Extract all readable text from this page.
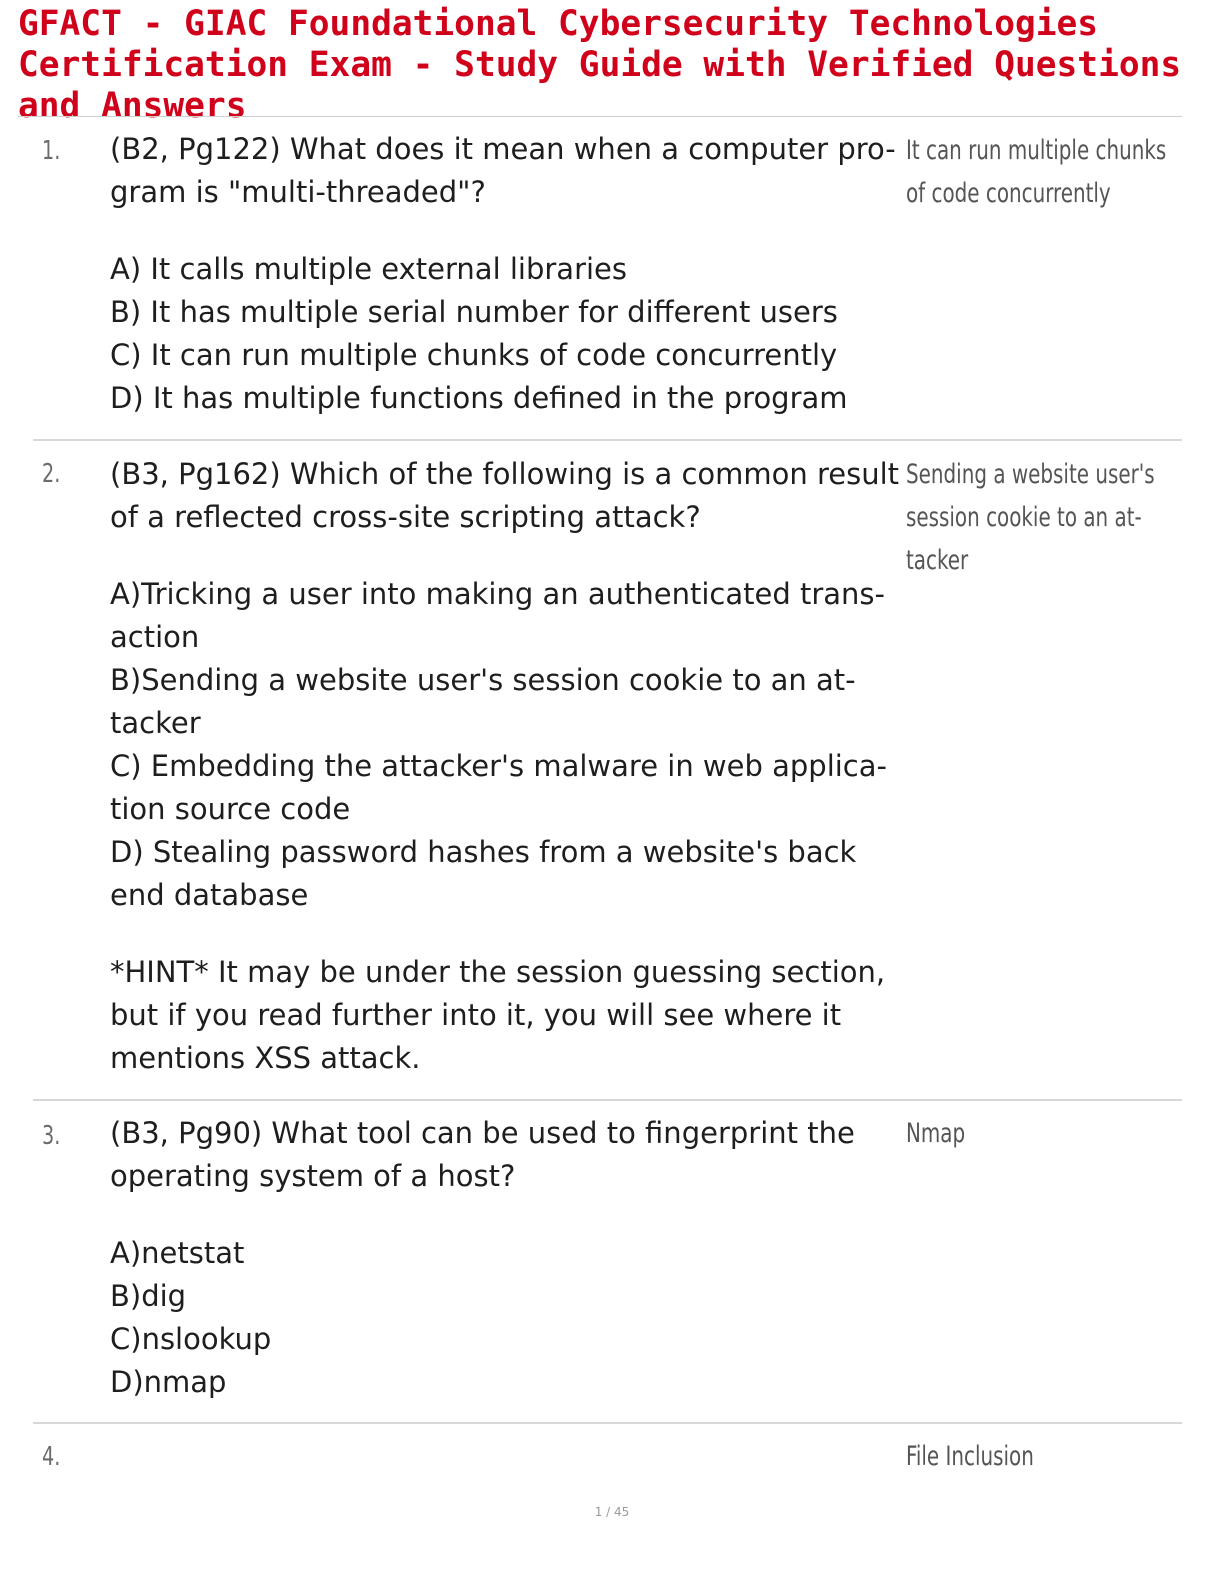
GFACT - GIAC Foundational Cybersecurity Technologies Certification Exam - Study Guide with Verified Questions and Answers
1. (B2, Pg122) What does it mean when a computer pro- gram is "multi-threaded"?

A) It calls multiple external libraries
B) It has multiple serial number for different users
C) It can run multiple chunks of code concurrently
D) It has multiple functions defined in the program
It can run multiple chunks of code concurrently
2. (B3, Pg162) Which of the following is a common result of a reflected cross-site scripting attack?

A)Tricking a user into making an authenticated trans- action
B)Sending a website user's session cookie to an at- tacker
C) Embedding the attacker's malware in web applica- tion source code
D) Stealing password hashes from a website's back end database

*HINT* It may be under the session guessing section, but if you read further into it, you will see where it mentions XSS attack.

Sending a website user's session cookie to an at- tacker
3. (B3, Pg90) What tool can be used to fingerprint the operating system of a host?

A)netstat
B)dig
C)nslookup
D)nmap
Nmap
4.	File Inclusion
1 / 45
